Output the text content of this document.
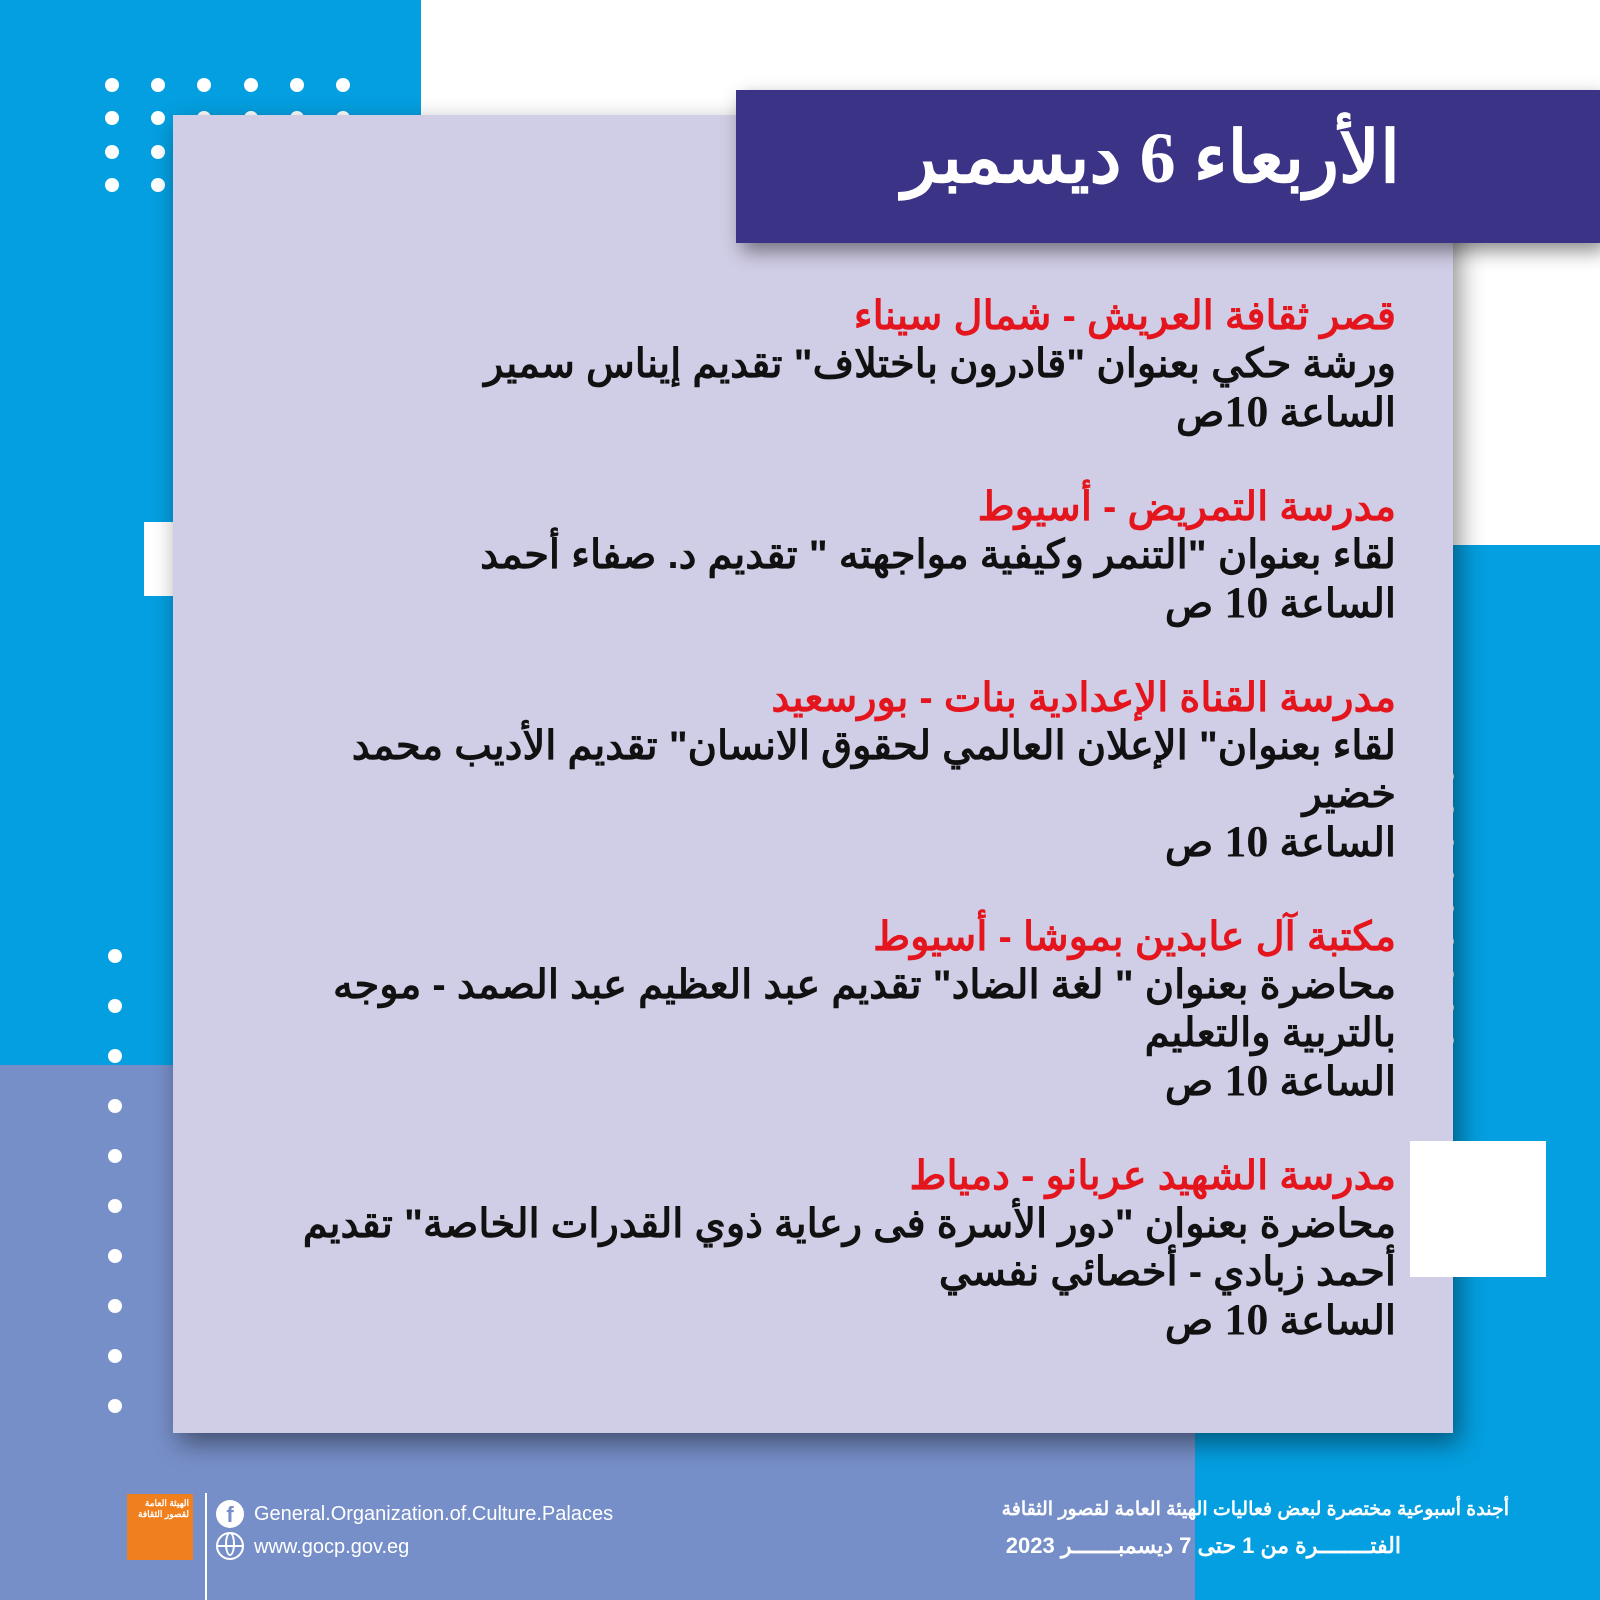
الأربعاء 6 ديسمبر
قصر ثقافة العريش - شمال سيناء
ورشة حكي بعنوان "قادرون باختلاف" تقديم إيناس سمير
الساعة 10ص
مدرسة التمريض - أسيوط
لقاء بعنوان "التنمر وكيفية مواجهته " تقديم د. صفاء أحمد
الساعة 10 ص
مدرسة القناة الإعدادية بنات - بورسعيد
لقاء بعنوان" الإعلان العالمي لحقوق الانسان" تقديم الأديب محمد خضير
الساعة 10 ص
مكتبة آل عابدين بموشا - أسيوط
محاضرة بعنوان " لغة الضاد" تقديم عبد العظيم عبد الصمد - موجه بالتربية والتعليم
الساعة 10 ص
مدرسة الشهيد عربانو - دمياط
محاضرة بعنوان "دور الأسرة فى رعاية ذوي القدرات الخاصة" تقديم أحمد زبادي - أخصائي نفسي
الساعة 10 ص
الهيئة العامة لقصور الثقافة	f	General.Organization.of.Culture.Palaces
www.gocp.gov.eg
أجندة أسبوعية مختصرة لبعض فعاليات الهيئة العامة لقصور الثقافة
الفتــــــــرة من 1 حتى 7 ديسمبـــــــر 2023
